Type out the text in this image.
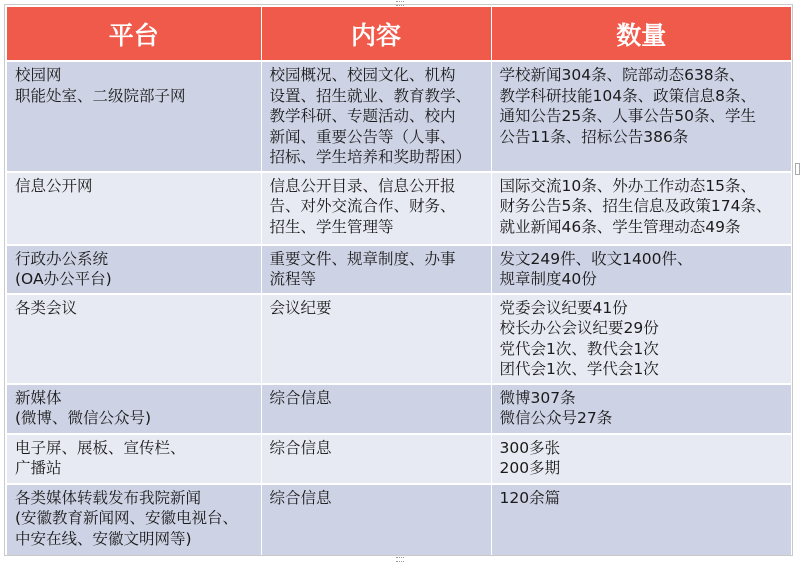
平台	内容	数量

校园网
职能处室、二级院部子网	校园概况、校园文化、机构
设置、招生就业、教育教学、
教学科研、专题活动、校内
新闻、重要公告等（人事、
招标、学生培养和奖助帮困）	学校新闻304条、院部动态638条、
教学科研技能104条、政策信息8条、
通知公告25条、人事公告50条、学生
公告11条、招标公告386条

信息公开网	信息公开目录、信息公开报
告、对外交流合作、财务、
招生、学生管理等	国际交流10条、外办工作动态15条、
财务公告5条、招生信息及政策174条、
就业新闻46条、学生管理动态49条

行政办公系统
(OA办公平台)	重要文件、规章制度、办事
流程等	发文249件、收文1400件、
规章制度40份

各类会议	会议纪要	党委会议纪要41份
校长办公会议纪要29份
党代会1次、教代会1次
团代会1次、学代会1次

新媒体
(微博、微信公众号)	综合信息	微博307条
微信公众号27条

电子屏、展板、宣传栏、
广播站	综合信息	300多张
200多期

各类媒体转载发布我院新闻
(安徽教育新闻网、安徽电视台、
中安在线、安徽文明网等)	综合信息	120余篇
